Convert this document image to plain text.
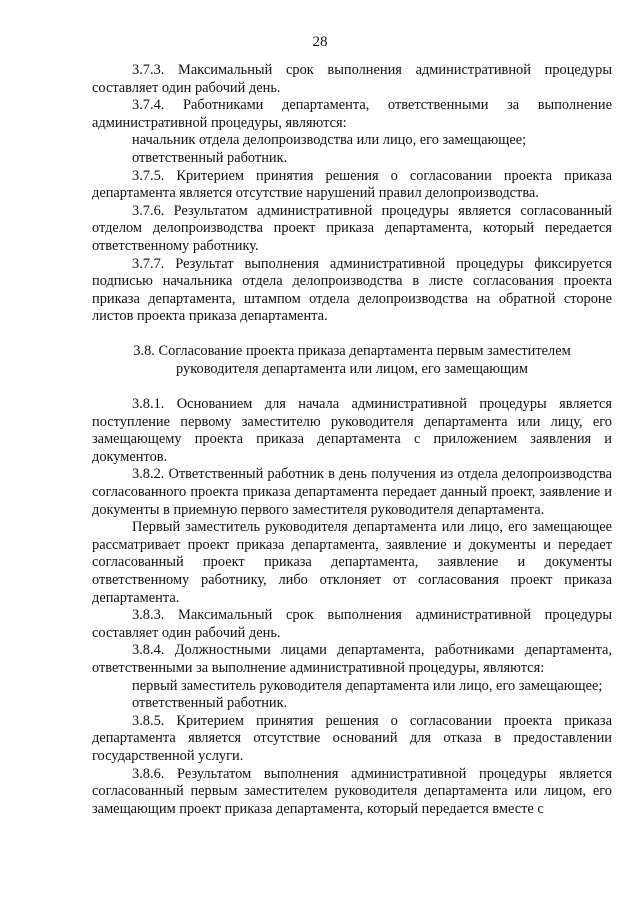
28

3.7.3. Максимальный срок выполнения административной процедуры составляет один рабочий день.

3.7.4. Работниками департамента, ответственными за выполнение административной процедуры, являются:

начальник отдела делопроизводства или лицо, его замещающее;

ответственный работник.

3.7.5. Критерием принятия решения о согласовании проекта приказа департамента является отсутствие нарушений правил делопроизводства.

3.7.6. Результатом административной процедуры является согласованный отделом делопроизводства проект приказа департамента, который передается ответственному работнику.

3.7.7. Результат выполнения административной процедуры фиксируется подписью начальника отдела делопроизводства в листе согласования проекта приказа департамента, штампом отдела делопроизводства на обратной стороне листов проекта приказа департамента.

3.8. Согласование проекта приказа департамента первым заместителем руководителя департамента или лицом, его замещающим

3.8.1. Основанием для начала административной процедуры является поступление первому заместителю руководителя департамента или лицу, его замещающему проекта приказа департамента с приложением заявления и документов.

3.8.2. Ответственный работник в день получения из отдела делопроизводства согласованного проекта приказа департамента передает данный проект, заявление и документы в приемную первого заместителя руководителя департамента.

Первый заместитель руководителя департамента или лицо, его замещающее рассматривает проект приказа департамента, заявление и документы и передает согласованный проект приказа департамента, заявление и документы ответственному работнику, либо отклоняет от согласования проект приказа департамента.

3.8.3. Максимальный срок выполнения административной процедуры составляет один рабочий день.

3.8.4. Должностными лицами департамента, работниками департамента, ответственными за выполнение административной процедуры, являются:

первый заместитель руководителя департамента или лицо, его замещающее;

ответственный работник.

3.8.5. Критерием принятия решения о согласовании проекта приказа департамента является отсутствие оснований для отказа в предоставлении государственной услуги.

3.8.6. Результатом выполнения административной процедуры является согласованный первым заместителем руководителя департамента или лицом, его замещающим проект приказа департамента, который передается вместе с
